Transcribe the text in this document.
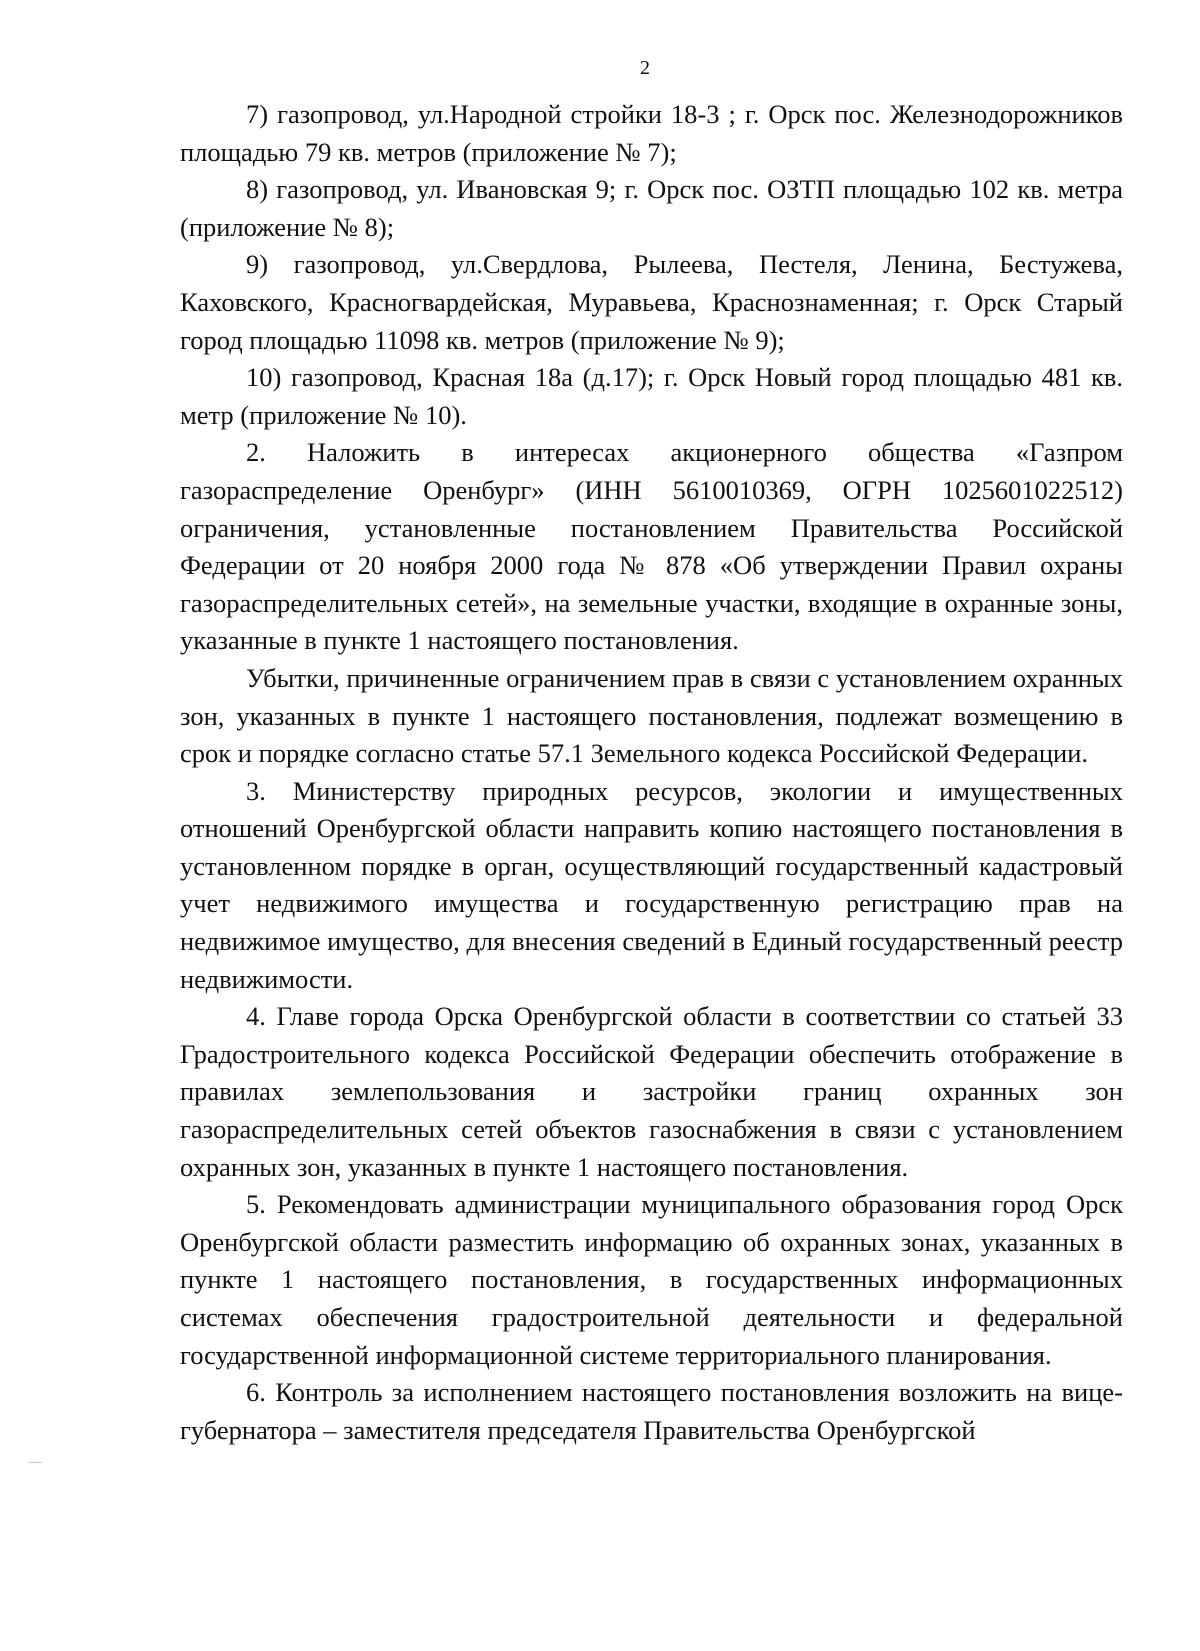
2

7) газопровод, ул.Народной стройки 18-3 ; г. Орск пос. Железнодорожников площадью 79 кв. метров (приложение № 7);

8) газопровод, ул. Ивановская 9; г. Орск пос. ОЗТП площадью 102 кв. метра (приложение № 8);

9) газопровод, ул.Свердлова, Рылеева, Пестеля, Ленина, Бестужева, Каховского, Красногвардейская, Муравьева, Краснознаменная; г. Орск Старый город площадью 11098 кв. метров (приложение № 9);

10) газопровод, Красная 18а (д.17); г. Орск Новый город площадью 481 кв. метр (приложение № 10).

2. Наложить в интересах акционерного общества «Газпром газораспределение Оренбург» (ИНН 5610010369, ОГРН 1025601022512) ограничения, установленные постановлением Правительства Российской Федерации от 20 ноября 2000 года № 878 «Об утверждении Правил охраны газораспределительных сетей», на земельные участки, входящие в охранные зоны, указанные в пункте 1 настоящего постановления.

Убытки, причиненные ограничением прав в связи с установлением охранных зон, указанных в пункте 1 настоящего постановления, подлежат возмещению в срок и порядке согласно статье 57.1 Земельного кодекса Российской Федерации.

3. Министерству природных ресурсов, экологии и имущественных отношений Оренбургской области направить копию настоящего постановления в установленном порядке в орган, осуществляющий государственный кадастровый учет недвижимого имущества и государственную регистрацию прав на недвижимое имущество, для внесения сведений в Единый государственный реестр недвижимости.

4. Главе города Орска Оренбургской области в соответствии со статьей 33 Градостроительного кодекса Российской Федерации обеспечить отображение в правилах землепользования и застройки границ охранных зон газораспределительных сетей объектов газоснабжения в связи с установлением охранных зон, указанных в пункте 1 настоящего постановления.

5. Рекомендовать администрации муниципального образования город Орск Оренбургской области разместить информацию об охранных зонах, указанных в пункте 1 настоящего постановления, в государственных информационных системах обеспечения градостроительной деятельности и федеральной государственной информационной системе территориального планирования.

6. Контроль за исполнением настоящего постановления возложить на вице-губернатора – заместителя председателя Правительства Оренбургской
